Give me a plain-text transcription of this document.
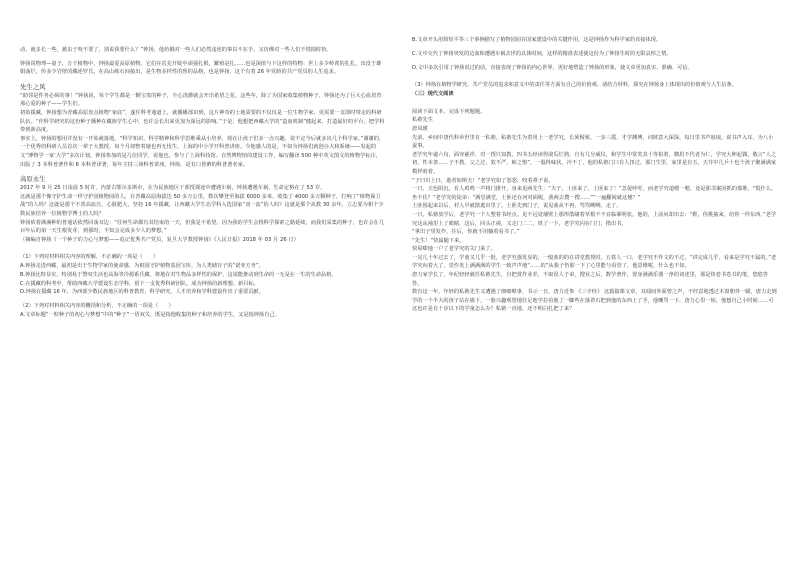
动，就多长一些，被虫子咬不要了，别说我要什么？”钟扬，他坊俄对一些人们必然违逆的事以不在手，又仿佛对一些人们不惜损时拾。

钟扬说物理—量子，万千植物中，钟扬最爱高原植物。它们在荒芜开绽中顽强扎根，繁殖是扎……也是深值与下这样的特物：世上多少岭诶的扎扎，出没于雄娟荡烂，传多少岩壁的藏逆罗氏。在高山练石间接出，是生物多样性的鲁的品格，也是钟扬，这个有着 26 年党龄的共产党员的人生追求。

先生之风

“助邻是件务必须的事！”钟扬说，每个学生都是一颗宝贵的种子，全心浇灌就会开出希望之花。这些年，除了为国家收集植物种子，钟扬还为了巨大心血培育那心爱的种子——学生们。

初始援藏，钟扬想为青藏高原盘点植物“家底”，遂任科考通道上，就播播部识到，这片神奇的土地需要的不仅仅是一位生物学家，更需要一支即时带走的科研队伍。“作科学研究的这份种子播种在藏族学生心中，也许会长出来更加为深远的影响。”于是，他想把西藏大学的“造血机制”健起来，打造最好的平台，把学科带到新高度。

事实上，钟扬的想用并没有一开始就落地。“科学知识，科学精神和科学思维乘从小培养，现在让孩子们多一点兴趣，说不定今后就多出几个科学家。”谢谢的，一个优秀的科研人员首次一辈子大教授，每个月却整着她也再无忧生，上海的中小学开科普讲座。令他感人的是，不如为钟扬们就创办大和系统——发起的文“博物学一家‘大学”多次计划，钟扬参加的是几位同学，说他也，参与了上海科技馆、自然博物馆的建设工作，编写翻译 500 种中英文图文的植物学标注，出版了 3 本科普著作和 6 本科普译著，每年主持三场科普讲座。钟扬，是有口皆碑的科普著名家。

高原永生

2017 年 9 月 25 日凌晨 5 时许，内蒙古鄂尔多斯市，在为民族地区干部授课途中遭遇车祸，钟扬遭遇车祸，生命定格在了 53 岁。

这就是那个像守护生命一样守护国植物园的人，在青藏高原海拔达 50 多万公里，数次攀登至海拔 6000 多米，收集了 4000 多万颗种子，打响了“植物保卫战”的人吗？这就是那个不善高血压，心脏肥大，坚持 16 年援藏，让西藏大学生态学科入选国家“双一流”的人吗？这就是那个从教 30 余年，立志要为相个少数民族培养一位植物学博士的人吗？

钟扬依着满满种的普通话依然回荡耳边：“任何生命都有其结束的一天，但我是不希望。因为我的学生会将科学探索之路延续，而我们采集的种子，也许会在几百年后的第一天生根发芽，到那时，不知会完成多少人的梦想。”

（摘编自钟扬《一个种子的力心与梦想——追记优秀共产党员、复旦大学教授钟扬》《人民日报》2018 年 03 月 26 日）

（1）下列对材料相关内容的理解，不正确的一项是（　　）

A.钟扬走进西藏，最初是出于生物学家的使命感，为祖国守护植物基因宝库，为人类储存子的“诺亚方舟”。

B.钟扬比特显实，特别易于赞叹生活也高海等冷源系氏藏，将地在对生物品多样性的保护，这说能推动到生命的一无是在一生的生命品格。

C.在援藏的科考中，帮助西藏大学建设生态学科，留下一支优秀科研团队，成为钟扬的新理想、新目标。

D.钟扬在援藏 16 年，为西部少数民族地区的科普教育、科学研究、人才培养和学科建设作出了重要贡献。

（2）下列对材料相关内容的概括和分析，不正确的一项是（　　）

A.文章标题“一粒种子的初心与梦想”中的“种子”一语双关，既是指他收集的种子和培养的学生，又是指钟扬自己。

B.文章开头用简短平等三个事例描写了植物园园在国家建设中的关键作用，这是钟扬作为科学家的直接体现。

C.文中交代了钟扬突发的边血和遭遇车祸去世的具体时间，这样的精准表述使这份为了钟扬生时的无限哀悼之情。

D.文中多次引用了钟扬说过的话，直接表现了钟扬的内心世界，更好地塑造了钟扬的形象，使文章更加真实、准确、可信。

（3）钟扬在植物学研究、共产党员的追求和意义中的责任等方面有自己的价值观。请结合材料，探究在钟扬身上体现出的价值观与人生信条。

（三）现代文阅读

阅读下面文本，完成下列题题。

私塾先生

唐凤瑾

先前，乡间中唐代科举世里有一私塾。私塾先生为着用上一老学究，长须髯髯，一步三摇，才学渊博，词彼意大深深，每日里书声琅琅，说书声入耳，为八小蚕事。

老学究年逾六旬，面容慈祥，对一授只知教，四书五经读得滚瓜烂熟，自有几分威仪，和学生中常笑其十等拍着，横眉不代者为仁，学究大伸起偶，敬言“人之初，性本善……子不教，父之过，敦不严，师之惰”，一股得味状。冷不丁，他的私塾门口有人扭过，那门生里，家里是有五，天井中几乒十也个孩子聚满满家模样盼着。

“子曰川上曰，逝者如斯夫！”老学究如了怒怒，咬着鼻子说。

一日，天色阴沉，有人鸡鸣一声将门推开，身来见两先生：“夫子，土匪来了，土匪来了！”急促呼吁，而老学究道嗯一嗯，竟是那书案因抓的那堆，“慌什么，坐不住？”老学究的徒弟：“满堂满堂，土匪还在河对面呢，我两去搜一搜……”“一遍翻阅就这便？”

土匪围起来以后，村人早就散逃出里了。土匪先到门子，说见曲从不再，骂骂咧咧，走了。

一日，私塾放学后，老学究一个人整着书经点。见不远处墙壁上那形散刷着草根不不宜临摹明状，他的，上前问却出去：“鞋，你挑抽来，给你一样东西。”老学究这从袖里上了眼睛，这后，回头正视，又走门二二，铁了一下，老学究闪在门门，揩出书，

“拿出子里发作，往后，你就不用躺着看书了。”

“先生！”快属随下来。

快屋嘭地一户了老学究的关门来了。

一晃几十年过去了，学童又几乎一批，老学究强发显的，一般蓝的的在讲堂教授时。五铁人一口，老学究不作文的不过，“讲完成几乎，看来是学究不属的。”老学究向着大了，觉作发上满满满的学生一致声声地“……的”从我子仍那一下了心里能与看管了，他思维呢，什么也不知。

唐力家学长了，年纪轻轻就任私塾先生，自把赏作业差，不取误人子弟，搜业之后，数学著作，置身满满乐器一净的词述里，那是快卷书卷书的笔，悠悠答答。

数有这一年，年轻的私塾先生又遭遇了细细喉事，书示一日，唐力近参 《三字经》 这篇篇课文章，耳闻间外面曾之声，不经意地透过木窗朝外一瞄，唐力走到学的一个半大的孩子站在墙下，一脸兴趣观望地驻足地学拉看他了一脚些在落着石把到他的东西上了手，他嘲骂一下，唐力心里一惊，他想自己小时候……可这也许是有十步以下的学童怎么办？私塾一直地，还不明白扎把了来？
